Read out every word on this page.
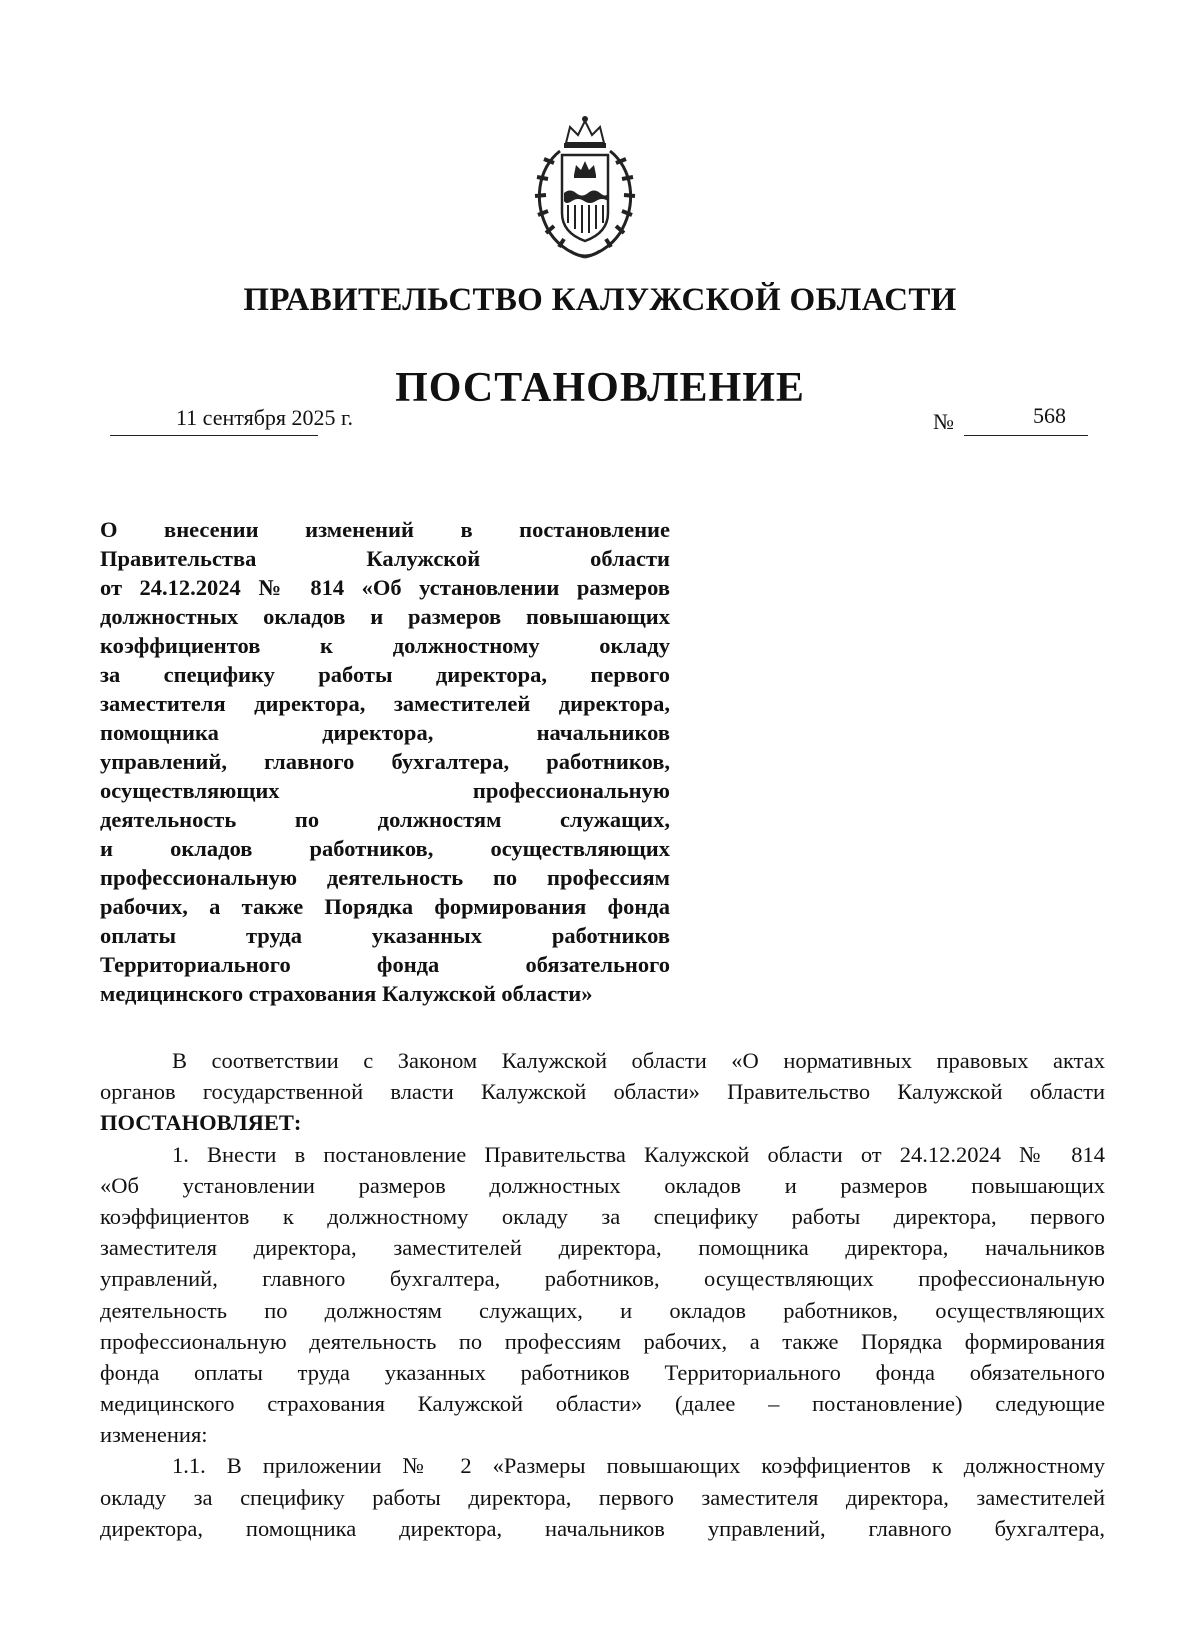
ПРАВИТЕЛЬСТВО КАЛУЖСКОЙ ОБЛАСТИ
ПОСТАНОВЛЕНИЕ
11 сентября 2025 г.	№	568
О внесении изменений в постановление
Правительства Калужской области
от 24.12.2024 № 814 «Об установлении размеров
должностных окладов и размеров повышающих
коэффициентов к должностному окладу
за специфику работы директора, первого
заместителя директора, заместителей директора,
помощника директора, начальников
управлений, главного бухгалтера, работников,
осуществляющих профессиональную
деятельность по должностям служащих,
и окладов работников, осуществляющих
профессиональную деятельность по профессиям
рабочих, а также Порядка формирования фонда
оплаты труда указанных работников
Территориального фонда обязательного
медицинского страхования Калужской области»
В соответствии с Законом Калужской области «О нормативных правовых актах
органов государственной власти Калужской области» Правительство Калужской области
ПОСТАНОВЛЯЕТ:
1. Внести в постановление Правительства Калужской области от 24.12.2024 № 814
«Об установлении размеров должностных окладов и размеров повышающих
коэффициентов к должностному окладу за специфику работы директора, первого
заместителя директора, заместителей директора, помощника директора, начальников
управлений, главного бухгалтера, работников, осуществляющих профессиональную
деятельность по должностям служащих, и окладов работников, осуществляющих
профессиональную деятельность по профессиям рабочих, а также Порядка формирования
фонда оплаты труда указанных работников Территориального фонда обязательного
медицинского страхования Калужской области» (далее – постановление) следующие
изменения:
1.1. В приложении № 2 «Размеры повышающих коэффициентов к должностному
окладу за специфику работы директора, первого заместителя директора, заместителей
директора, помощника директора, начальников управлений, главного бухгалтера,
